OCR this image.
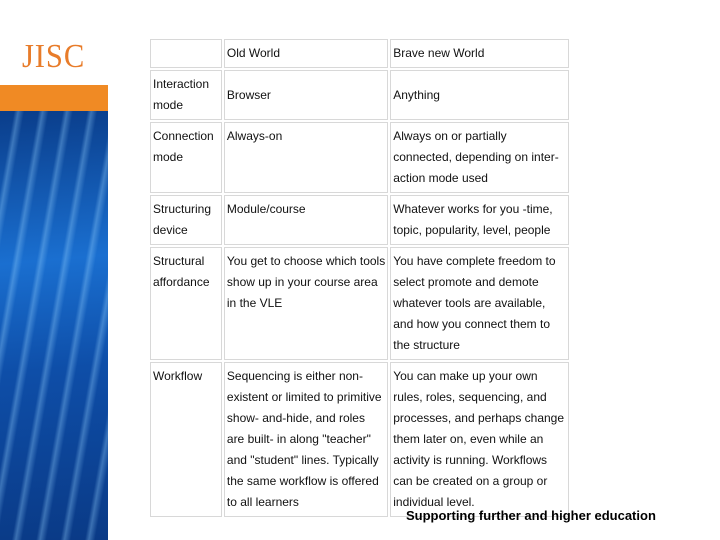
JISC
		Old World	Brave new World
Interaction mode	Browser	Anything
Connection mode	Always-on	Always on or partially connected, depending on inter-action mode used
Structuring device	Module/course	Whatever works for you -time, topic, popularity, level, people
Structural affordance	You get to choose which tools show up in your course area in the VLE	You have complete freedom to select promote and demote whatever tools are available, and how you connect them to the structure
Workflow	Sequencing is either non-existent or limited to primitive show- and-hide, and roles are built- in along "teacher" and "student" lines. Typically the same workflow is offered to all learners	You can make up your own rules, roles, sequencing, and processes, and perhaps change them later on, even while an activity is running. Workflows can be created on a group or individual level.
Supporting further and higher education
